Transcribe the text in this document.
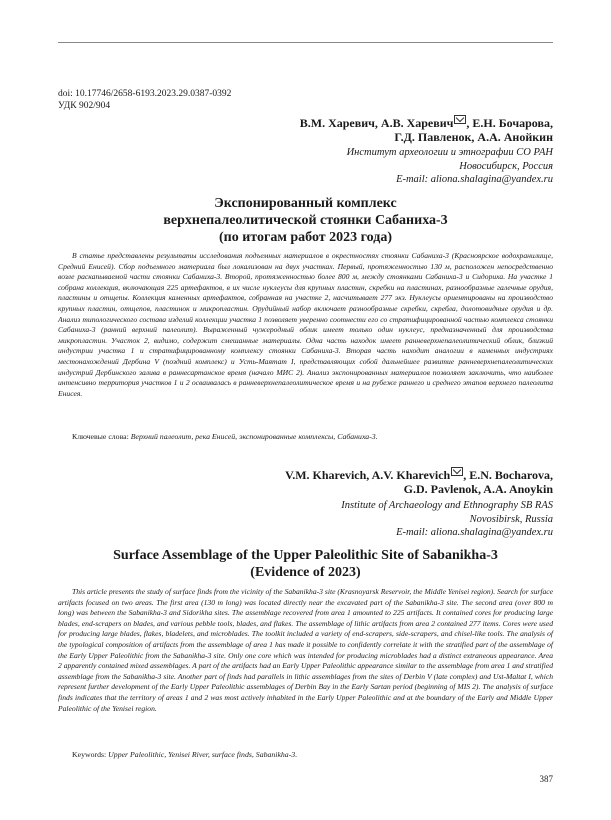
doi: 10.17746/2658-6193.2023.29.0387-0392
УДК 902/904
В.М. Харевич, А.В. Харевич , Е.Н. Бочарова,
Г.Д. Павленок, А.А. Анойкин
Институт археологии и этнографии СО РАН
Новосибирск, Россия
E-mail: aliona.shalagina@yandex.ru
Экспонированный комплекс
верхнепалеолитической стоянки Сабаниха-3
(по итогам работ 2023 года)

В статье представлены результаты исследования подъемных материалов в окрестностях стоянки Сабаниха-3 (Красноярское водохранилище, Средний Енисей). Сбор подъемного материала был локализован на двух участках. Первый, протяженностью 130 м, расположен непосредственно возле раскапываемой части стоянки Сабаниха-3. Второй, протяженностью более 800 м, между стоянками Сабаниха-3 и Сидориха. На участке 1 собрана коллекция, включающая 225 артефактов, в их числе нуклеусы для крупных пластин, скребки на пластинах, разнообразные галечные орудия, пластины и отщепы. Коллекция каменных артефактов, собранная на участке 2, насчитывает 277 экз. Нуклеусы ориентированы на производство крупных пластин, отщепов, пластинок и микропластин. Орудийный набор включает разнообразные скребки, скребла, долотовидные орудия и др. Анализ типологического состава изделий коллекции участка 1 позволяет уверенно соотнести его со стратифицированной частью комплекса стоянки Сабаниха-3 (ранний верхний палеолит). Выраженный чужеродный облик имеет только один нуклеус, предназначенный для производства микропластин. Участок 2, видимо, содержит смешанные материалы. Одна часть находок имеет ранневерхнепалеолитический облик, близкий индустрии участка 1 и стратифицированному комплексу стоянки Сабаниха-3. Вторая часть находит аналогии в каменных индустриях местонахождений Дербина V (поздний комплекс) и Усть-Маятат I, представляющих собой дальнейшее развитие ранневерхнепалеолитических индустрий Дербинского залива в раннесартанское время (начало МИС 2). Анализ экспонированных материалов позволяет заключить, что наиболее интенсивно территория участков 1 и 2 осваивалась в ранневерхнепалеолитическое время и на рубеже раннего и среднего этапов верхнего палеолита Енисея.

Ключевые слова: Верхний палеолит, река Енисей, экспонированные комплексы, Сабаниха-3.
V.M. Kharevich, A.V. Kharevich , E.N. Bocharova,
G.D. Pavlenok, A.A. Anoykin
Institute of Archaeology and Ethnography SB RAS
Novosibirsk, Russia
E-mail: aliona.shalagina@yandex.ru
Surface Assemblage of the Upper Paleolithic Site of Sabanikha-3
(Evidence of 2023)

This article presents the study of surface finds from the vicinity of the Sabanikha-3 site (Krasnoyarsk Reservoir, the Middle Yenisei region). Search for surface artifacts focused on two areas. The first area (130 m long) was located directly near the excavated part of the Sabanikha-3 site. The second area (over 800 m long) was between the Sabanikha-3 and Sidorikha sites. The assemblage recovered from area 1 amounted to 225 artifacts. It contained cores for producing large blades, end-scrapers on blades, and various pebble tools, blades, and flakes. The assemblage of lithic artifacts from area 2 contained 277 items. Cores were used for producing large blades, flakes, bladelets, and microblades. The toolkit included a variety of end-scrapers, side-scrapers, and chisel-like tools. The analysis of the typological composition of artifacts from the assemblage of area 1 has made it possible to confidently correlate it with the stratified part of the assemblage of the Early Upper Paleolithic from the Sabanikha-3 site. Only one core which was intended for producing microblades had a distinct extraneous appearance. Area 2 apparently contained mixed assemblages. A part of the artifacts had an Early Upper Paleolithic appearance similar to the assemblage from area 1 and stratified assemblage from the Sabanikha-3 site. Another part of finds had parallels in lithic assemblages from the sites of Derbin V (late complex) and Ust-Maltat I, which represent further development of the Early Upper Paleolithic assemblages of Derbin Bay in the Early Sartan period (beginning of MIS 2). The analysis of surface finds indicates that the territory of areas 1 and 2 was most actively inhabited in the Early Upper Paleolithic and at the boundary of the Early and Middle Upper Paleolithic of the Yenisei region.

Keywords: Upper Paleolithic, Yenisei River, surface finds, Sabanikha-3.
387
